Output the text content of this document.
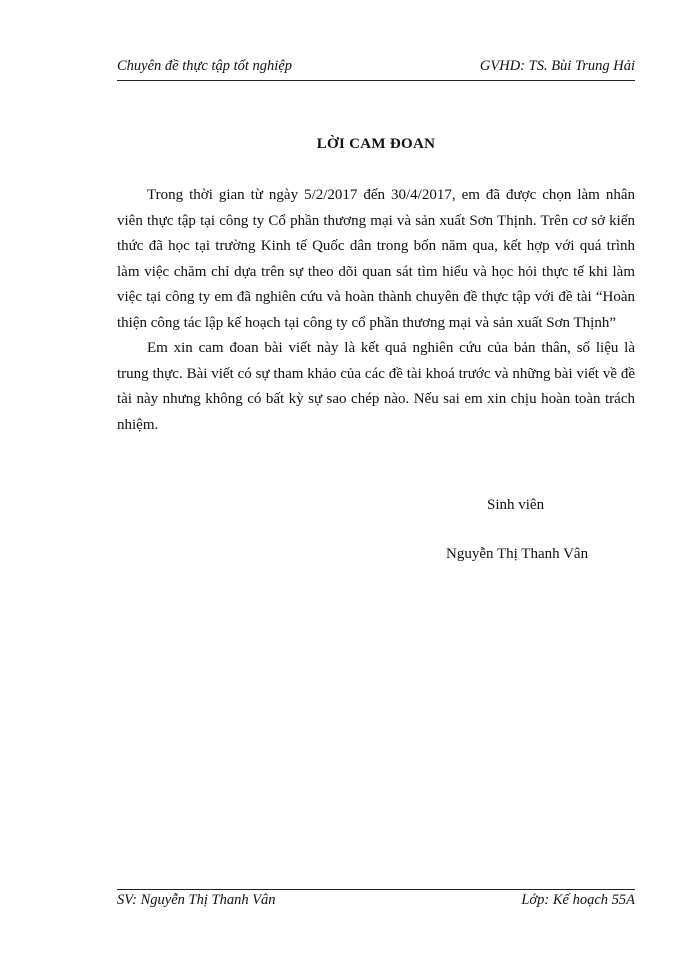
Chuyên đề thực tập tốt nghiệp	GVHD: TS. Bùi Trung Hải
LỜI CAM ĐOAN

Trong thời gian từ ngày 5/2/2017 đến 30/4/2017, em đã được chọn làm nhân viên thực tập tại công ty Cổ phần thương mại và sản xuất Sơn Thịnh. Trên cơ sở kiến thức đã học tại trường Kinh tế Quốc dân trong bốn năm qua, kết hợp với quá trình làm việc chăm chỉ dựa trên sự theo dõi quan sát tìm hiểu và học hỏi thực tế khi làm việc tại công ty em đã nghiên cứu và hoàn thành chuyên đề thực tập với đề tài “Hoàn thiện công tác lập kế hoạch tại công ty cổ phần thương mại và sản xuất Sơn Thịnh”

Em xin cam đoan bài viết này là kết quả nghiên cứu của bản thân, số liệu là trung thực. Bài viết có sự tham khảo của các đề tài khoá trước và những bài viết về đề tài này nhưng không có bất kỳ sự sao chép nào. Nếu sai em xin chịu hoàn toàn trách nhiệm.

Sinh viên
Nguyễn Thị Thanh Vân
SV: Nguyễn Thị Thanh Vân	Lớp: Kế hoạch 55A
